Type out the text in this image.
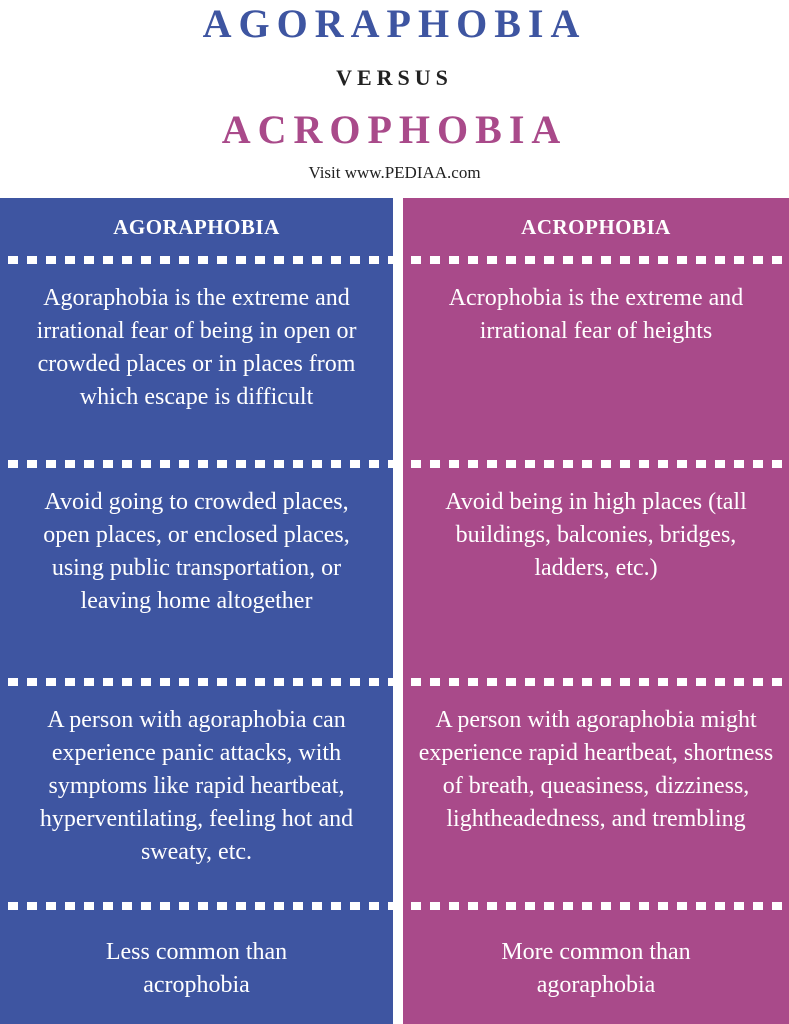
AGORAPHOBIA
VERSUS
ACROPHOBIA
Visit www.PEDIAA.com
AGORAPHOBIA
Agoraphobia is the extreme and irrational fear of being in open or crowded places or in places from which escape is difficult
Avoid going to crowded places, open places, or enclosed places, using public transportation, or leaving home altogether
A person with agoraphobia can experience panic attacks, with symptoms like rapid heartbeat, hyperventilating, feeling hot and sweaty, etc.
Less common than acrophobia
ACROPHOBIA
Acrophobia is the extreme and irrational fear of heights
Avoid being in high places (tall buildings, balconies, bridges, ladders, etc.)
A person with agoraphobia might experience rapid heartbeat, shortness of breath, queasiness, dizziness, lightheadedness, and trembling
More common than agoraphobia
